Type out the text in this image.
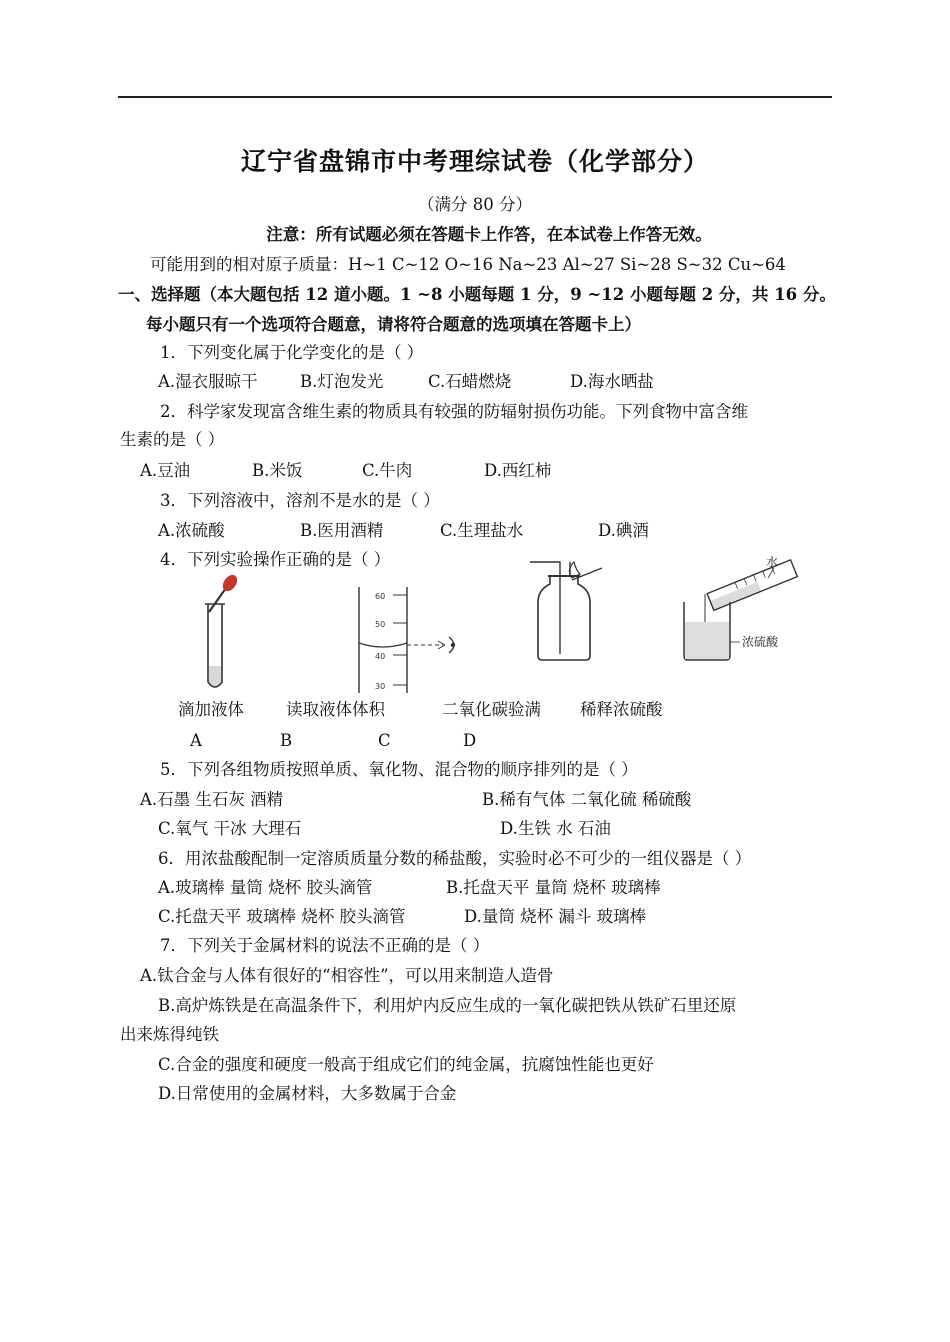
辽宁省盘锦市中考理综试卷（化学部分）
（满分 80 分）
注意：所有试题必须在答题卡上作答，在本试卷上作答无效。
可能用到的相对原子质量：H~1 C~12 O~16 Na~23 Al~27 Si~28 S~32 Cu~64
一、选择题（本大题包括 12 道小题。1 ~8 小题每题 1 分，9 ~12 小题每题 2 分，共 16 分。
每小题只有一个选项符合题意，请将符合题意的选项填在答题卡上）
1．下列变化属于化学变化的是（ ）
A.湿衣服晾干	B.灯泡发光	C.石蜡燃烧	D.海水晒盐
2．科学家发现富含维生素的物质具有较强的防辐射损伤功能。下列食物中富含维
生素的是（ ）
A.豆油	B.米饭	C.牛肉	D.西红柿
3．下列溶液中，溶剂不是水的是（ ）
A.浓硫酸	B.医用酒精	C.生理盐水	D.碘酒
4．下列实验操作正确的是（ ）
60
50
40
30
水
浓硫酸
滴加液体	读取液体体积	二氧化碳验满 稀释浓硫酸
A	B	C	D
5．下列各组物质按照单质、氧化物、混合物的顺序排列的是（ ）
A.石墨 生石灰 酒精	B.稀有气体 二氧化硫 稀硫酸
C.氧气 干冰 大理石	D.生铁 水 石油
6．用浓盐酸配制一定溶质质量分数的稀盐酸，实验时必不可少的一组仪器是（ ）
A.玻璃棒 量筒 烧杯 胶头滴管	B.托盘天平 量筒 烧杯 玻璃棒
C.托盘天平 玻璃棒 烧杯 胶头滴管	D.量筒 烧杯 漏斗 玻璃棒
7．下列关于金属材料的说法不正确的是（ ）
A.钛合金与人体有很好的“相容性”，可以用来制造人造骨
B.高炉炼铁是在高温条件下，利用炉内反应生成的一氧化碳把铁从铁矿石里还原
出来炼得纯铁
C.合金的强度和硬度一般高于组成它们的纯金属，抗腐蚀性能也更好
D.日常使用的金属材料，大多数属于合金
